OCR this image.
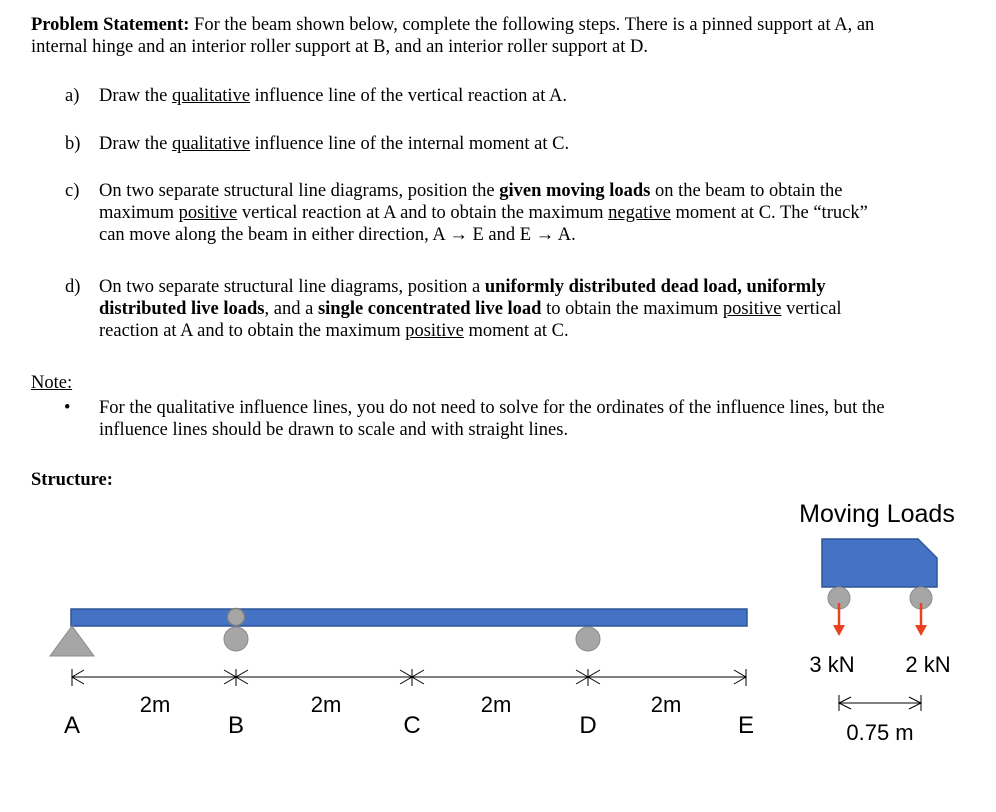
Problem Statement: For the beam shown below, complete the following steps. There is a pinned support at A, an
internal hinge and an interior roller support at B, and an interior roller support at D.
a) Draw the qualitative influence line of the vertical reaction at A.
b) Draw the qualitative influence line of the internal moment at C.
c) On two separate structural line diagrams, position the given moving loads on the beam to obtain the
maximum positive vertical reaction at A and to obtain the maximum negative moment at C. The “truck”
can move along the beam in either direction, A → E and E → A.
d) On two separate structural line diagrams, position a uniformly distributed dead load, uniformly
distributed live loads, and a single concentrated live load to obtain the maximum positive vertical
reaction at A and to obtain the maximum positive moment at C.
Note:
• For the qualitative influence lines, you do not need to solve for the ordinates of the influence lines, but the
influence lines should be drawn to scale and with straight lines.
Structure:
2m	2m	2m	2m
A	B	C	D	E
Moving Loads
3 kN 2 kN
0.75 m
